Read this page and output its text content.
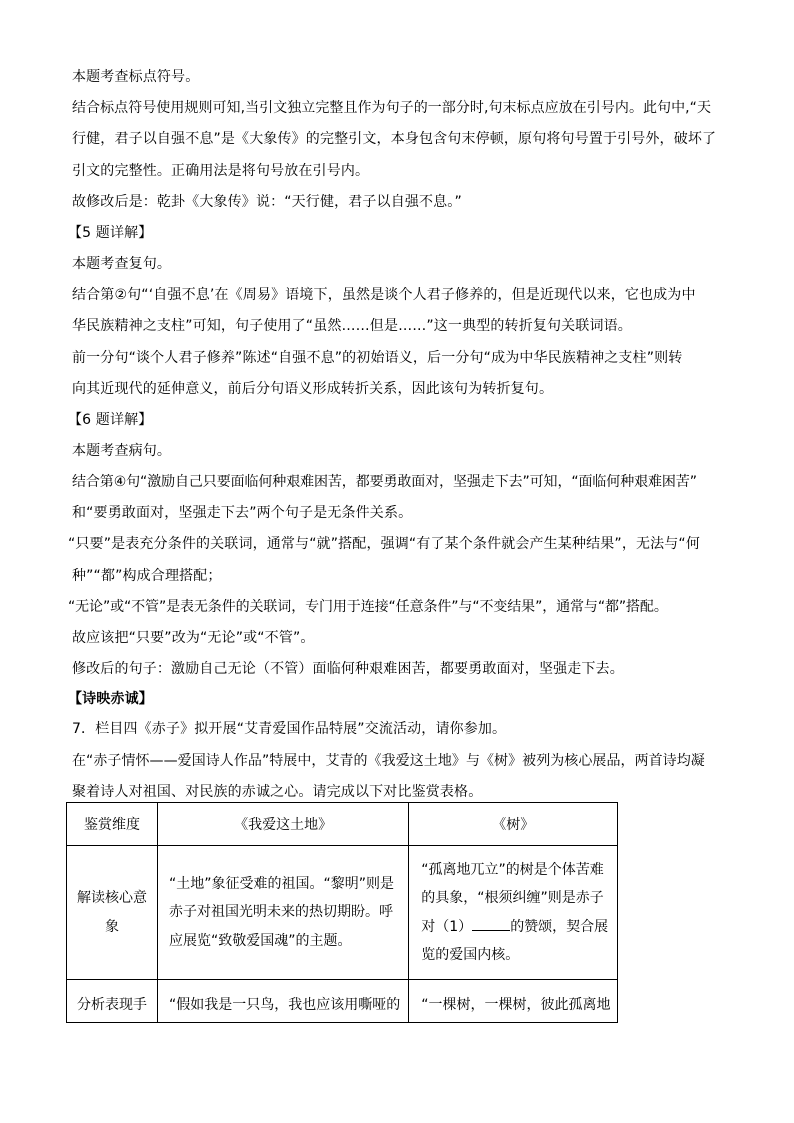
本题考查标点符号。
结合标点符号使用规则可知,当引文独立完整且作为句子的一部分时,句末标点应放在引号内。此句中,“天
行健，君子以自强不息”是《大象传》的完整引文，本身包含句末停顿，原句将句号置于引号外，破坏了
引文的完整性。正确用法是将句号放在引号内。
故修改后是：乾卦《大象传》说：“天行健，君子以自强不息。”
【5 题详解】
本题考查复句。
结合第②句“‘自强不息’在《周易》语境下，虽然是谈个人君子修养的，但是近现代以来，它也成为中
华民族精神之支柱”可知，句子使用了“虽然……但是……”这一典型的转折复句关联词语。
前一分句“谈个人君子修养”陈述“自强不息”的初始语义，后一分句“成为中华民族精神之支柱”则转
向其近现代的延伸意义，前后分句语义形成转折关系，因此该句为转折复句。
【6 题详解】
本题考查病句。
结合第④句“激励自己只要面临何种艰难困苦，都要勇敢面对，坚强走下去”可知，“面临何种艰难困苦”
和“要勇敢面对，坚强走下去”两个句子是无条件关系。
“只要”是表充分条件的关联词，通常与“就”搭配，强调“有了某个条件就会产生某种结果”，无法与“何
种”“都”构成合理搭配；
“无论”或“不管”是表无条件的关联词，专门用于连接“任意条件”与“不变结果”，通常与“都”搭配。
故应该把“只要”改为“无论”或“不管”。
修改后的句子：激励自己无论（不管）面临何种艰难困苦，都要勇敢面对，坚强走下去。
【诗映赤诚】
7．栏目四《赤子》拟开展“艾青爱国作品特展”交流活动，请你参加。
在“赤子情怀——爱国诗人作品”特展中，艾青的《我爱这土地》与《树》被列为核心展品，两首诗均凝
聚着诗人对祖国、对民族的赤诚之心。请完成以下对比鉴赏表格。
鉴赏维度	《我爱这土地》	《树》

解读核心意象	“土地”象征受难的祖国。“黎明”则是赤子对祖国光明未来的热切期盼。呼应展览“致敬爱国魂”的主题。	“孤离地兀立”的树是个体苦难的具象，“根须纠缠”则是赤子对（1） 的赞颂，契合展览的爱国内核。

分析表现手	“假如我是一只鸟，我也应该用嘶哑的	“一棵树，一棵树，彼此孤离地
